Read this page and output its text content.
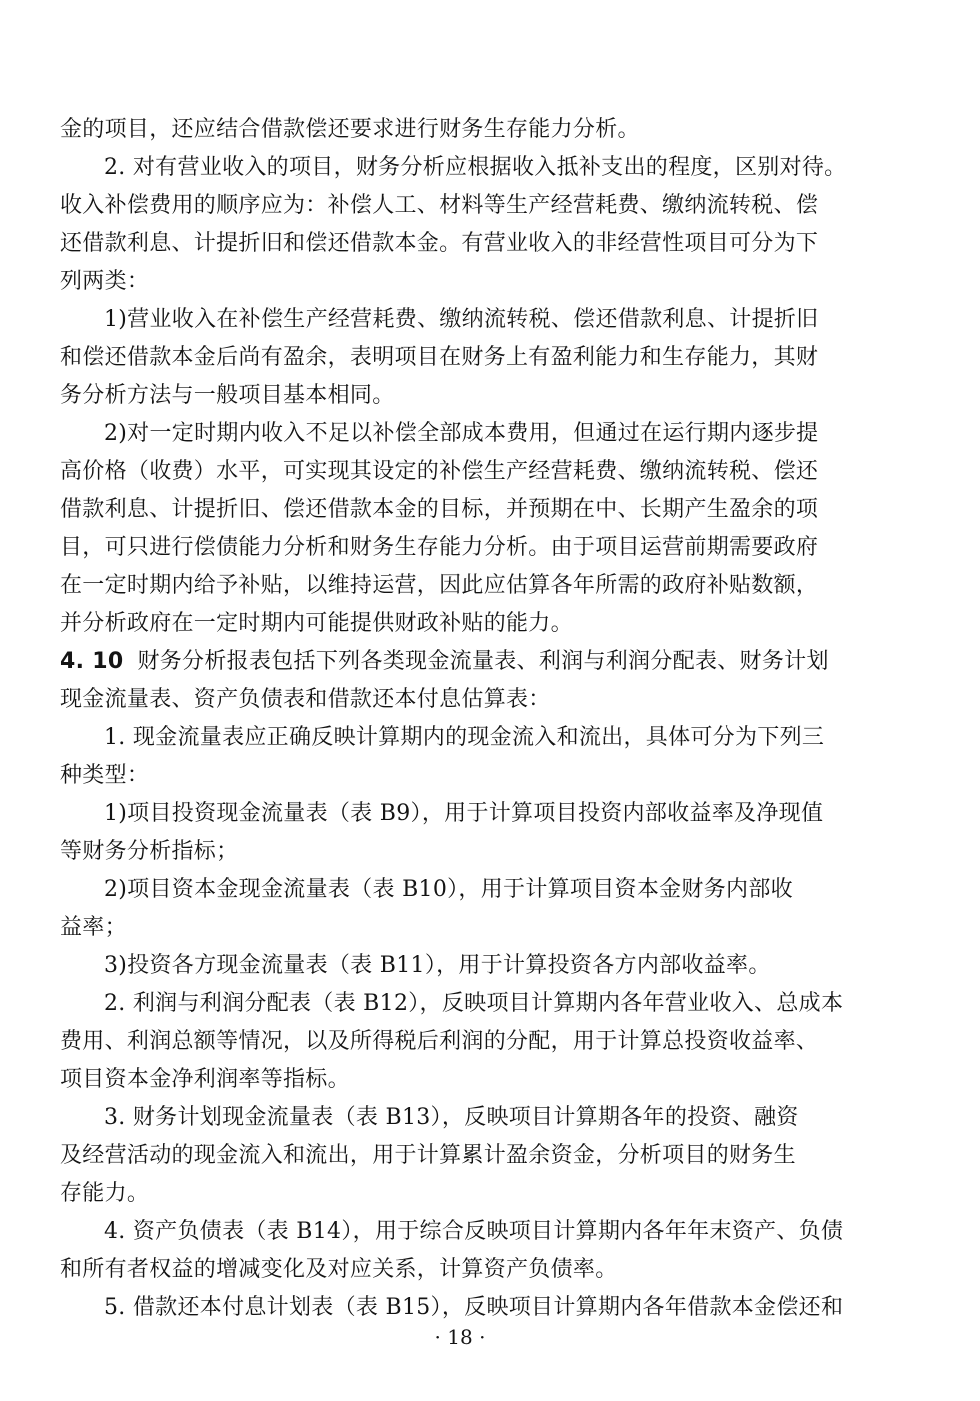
金的项目，还应结合借款偿还要求进行财务生存能力分析。
2. 对有营业收入的项目，财务分析应根据收入抵补支出的程度，区别对待。
收入补偿费用的顺序应为：补偿人工、材料等生产经营耗费、缴纳流转税、偿
还借款利息、计提折旧和偿还借款本金。有营业收入的非经营性项目可分为下
列两类：
1)营业收入在补偿生产经营耗费、缴纳流转税、偿还借款利息、计提折旧
和偿还借款本金后尚有盈余，表明项目在财务上有盈利能力和生存能力，其财
务分析方法与一般项目基本相同。
2)对一定时期内收入不足以补偿全部成本费用，但通过在运行期内逐步提
高价格（收费）水平，可实现其设定的补偿生产经营耗费、缴纳流转税、偿还
借款利息、计提折旧、偿还借款本金的目标，并预期在中、长期产生盈余的项
目，可只进行偿债能力分析和财务生存能力分析。由于项目运营前期需要政府
在一定时期内给予补贴，以维持运营，因此应估算各年所需的政府补贴数额，
并分析政府在一定时期内可能提供财政补贴的能力。
4. 10 财务分析报表包括下列各类现金流量表、利润与利润分配表、财务计划
现金流量表、资产负债表和借款还本付息估算表：
1. 现金流量表应正确反映计算期内的现金流入和流出，具体可分为下列三
种类型：
1)项目投资现金流量表（表 B9），用于计算项目投资内部收益率及净现值
等财务分析指标；
2)项目资本金现金流量表（表 B10），用于计算项目资本金财务内部收
益率；
3)投资各方现金流量表（表 B11），用于计算投资各方内部收益率。
2. 利润与利润分配表（表 B12），反映项目计算期内各年营业收入、总成本
费用、利润总额等情况，以及所得税后利润的分配，用于计算总投资收益率、
项目资本金净利润率等指标。
3. 财务计划现金流量表（表 B13），反映项目计算期各年的投资、融资
及经营活动的现金流入和流出，用于计算累计盈余资金，分析项目的财务生
存能力。
4. 资产负债表（表 B14），用于综合反映项目计算期内各年年末资产、负债
和所有者权益的增减变化及对应关系，计算资产负债率。
5. 借款还本付息计划表（表 B15），反映项目计算期内各年借款本金偿还和
· 18 ·
